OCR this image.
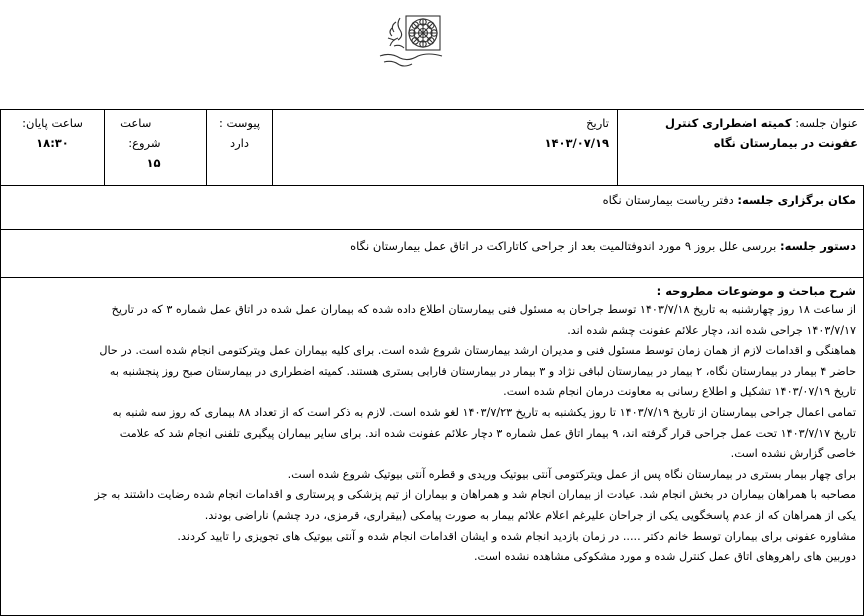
عنوان جلسه: کمیته اضطراری کنترل
عفونت در بیمارستان نگاه

تاریخ
۱۴۰۳/۰۷/۱۹

پیوست :
دارد

ساعت
شروع:
۱۵

ساعت پایان:
۱۸:۳۰
مکان برگزاری جلسه: دفتر ریاست بیمارستان نگاه
دستور جلسه: بررسی علل بروز ۹ مورد اندوفتالمیت بعد از جراحی کاتاراکت در اتاق عمل بیمارستان نگاه
شرح مباحث و موضوعات مطروحه :

از ساعت ۱۸ روز چهارشنبه به تاریخ ۱۴۰۳/۷/۱۸ توسط جراحان به مسئول فنی بیمارستان اطلاع داده شده که بیماران عمل شده در اتاق عمل شماره ۳ که در تاریخ

۱۴۰۳/۷/۱۷ جراحی شده اند، دچار علائم عفونت چشم شده اند.

هماهنگی و اقدامات لازم از همان زمان توسط مسئول فنی و مدیران ارشد بیمارستان شروع شده است. برای کلیه بیماران عمل ویترکتومی انجام شده است. در حال

حاضر ۴ بیمار در بیمارستان نگاه، ۲ بیمار در بیمارستان لبافی نژاد و ۳ بیمار در بیمارستان فارابی بستری هستند. کمیته اضطراری در بیمارستان صبح روز پنجشنبه به

تاریخ ۱۴۰۳/۰۷/۱۹ تشکیل و اطلاع رسانی به معاونت درمان انجام شده است.

تمامی اعمال جراحی بیمارستان از تاریخ ۱۴۰۳/۷/۱۹ تا روز یکشنبه به تاریخ ۱۴۰۳/۷/۲۳ لغو شده است. لازم به ذکر است که از تعداد ۸۸ بیماری که روز سه شنبه به

تاریخ ۱۴۰۳/۷/۱۷ تحت عمل جراحی قرار گرفته اند، ۹ بیمار اتاق عمل شماره ۳ دچار علائم عفونت شده اند. برای سایر بیماران پیگیری تلفنی انجام شد که علامت

خاصی گزارش نشده است.

برای چهار بیمار بستری در بیمارستان نگاه پس از عمل ویترکتومی آنتی بیوتیک وریدی و قطره آنتی بیوتیک شروع شده است.

مصاحبه با همراهان بیماران در بخش انجام شد. عیادت از بیماران انجام شد و همراهان و بیماران از تیم پزشکی و پرستاری و اقدامات انجام شده رضایت داشتند به جز

یکی از همراهان که از عدم پاسخگویی یکی از جراحان علیرغم اعلام علائم بیمار به صورت پیامکی (بیقراری، قرمزی، درد چشم) ناراضی بودند.

مشاوره عفونی برای بیماران توسط خانم دکتر ..... در زمان بازدید انجام شده و ایشان اقدامات انجام شده و آنتی بیوتیک های تجویزی را تایید کردند.

دوربین های راهروهای اتاق عمل کنترل شده و مورد مشکوکی مشاهده نشده است.
